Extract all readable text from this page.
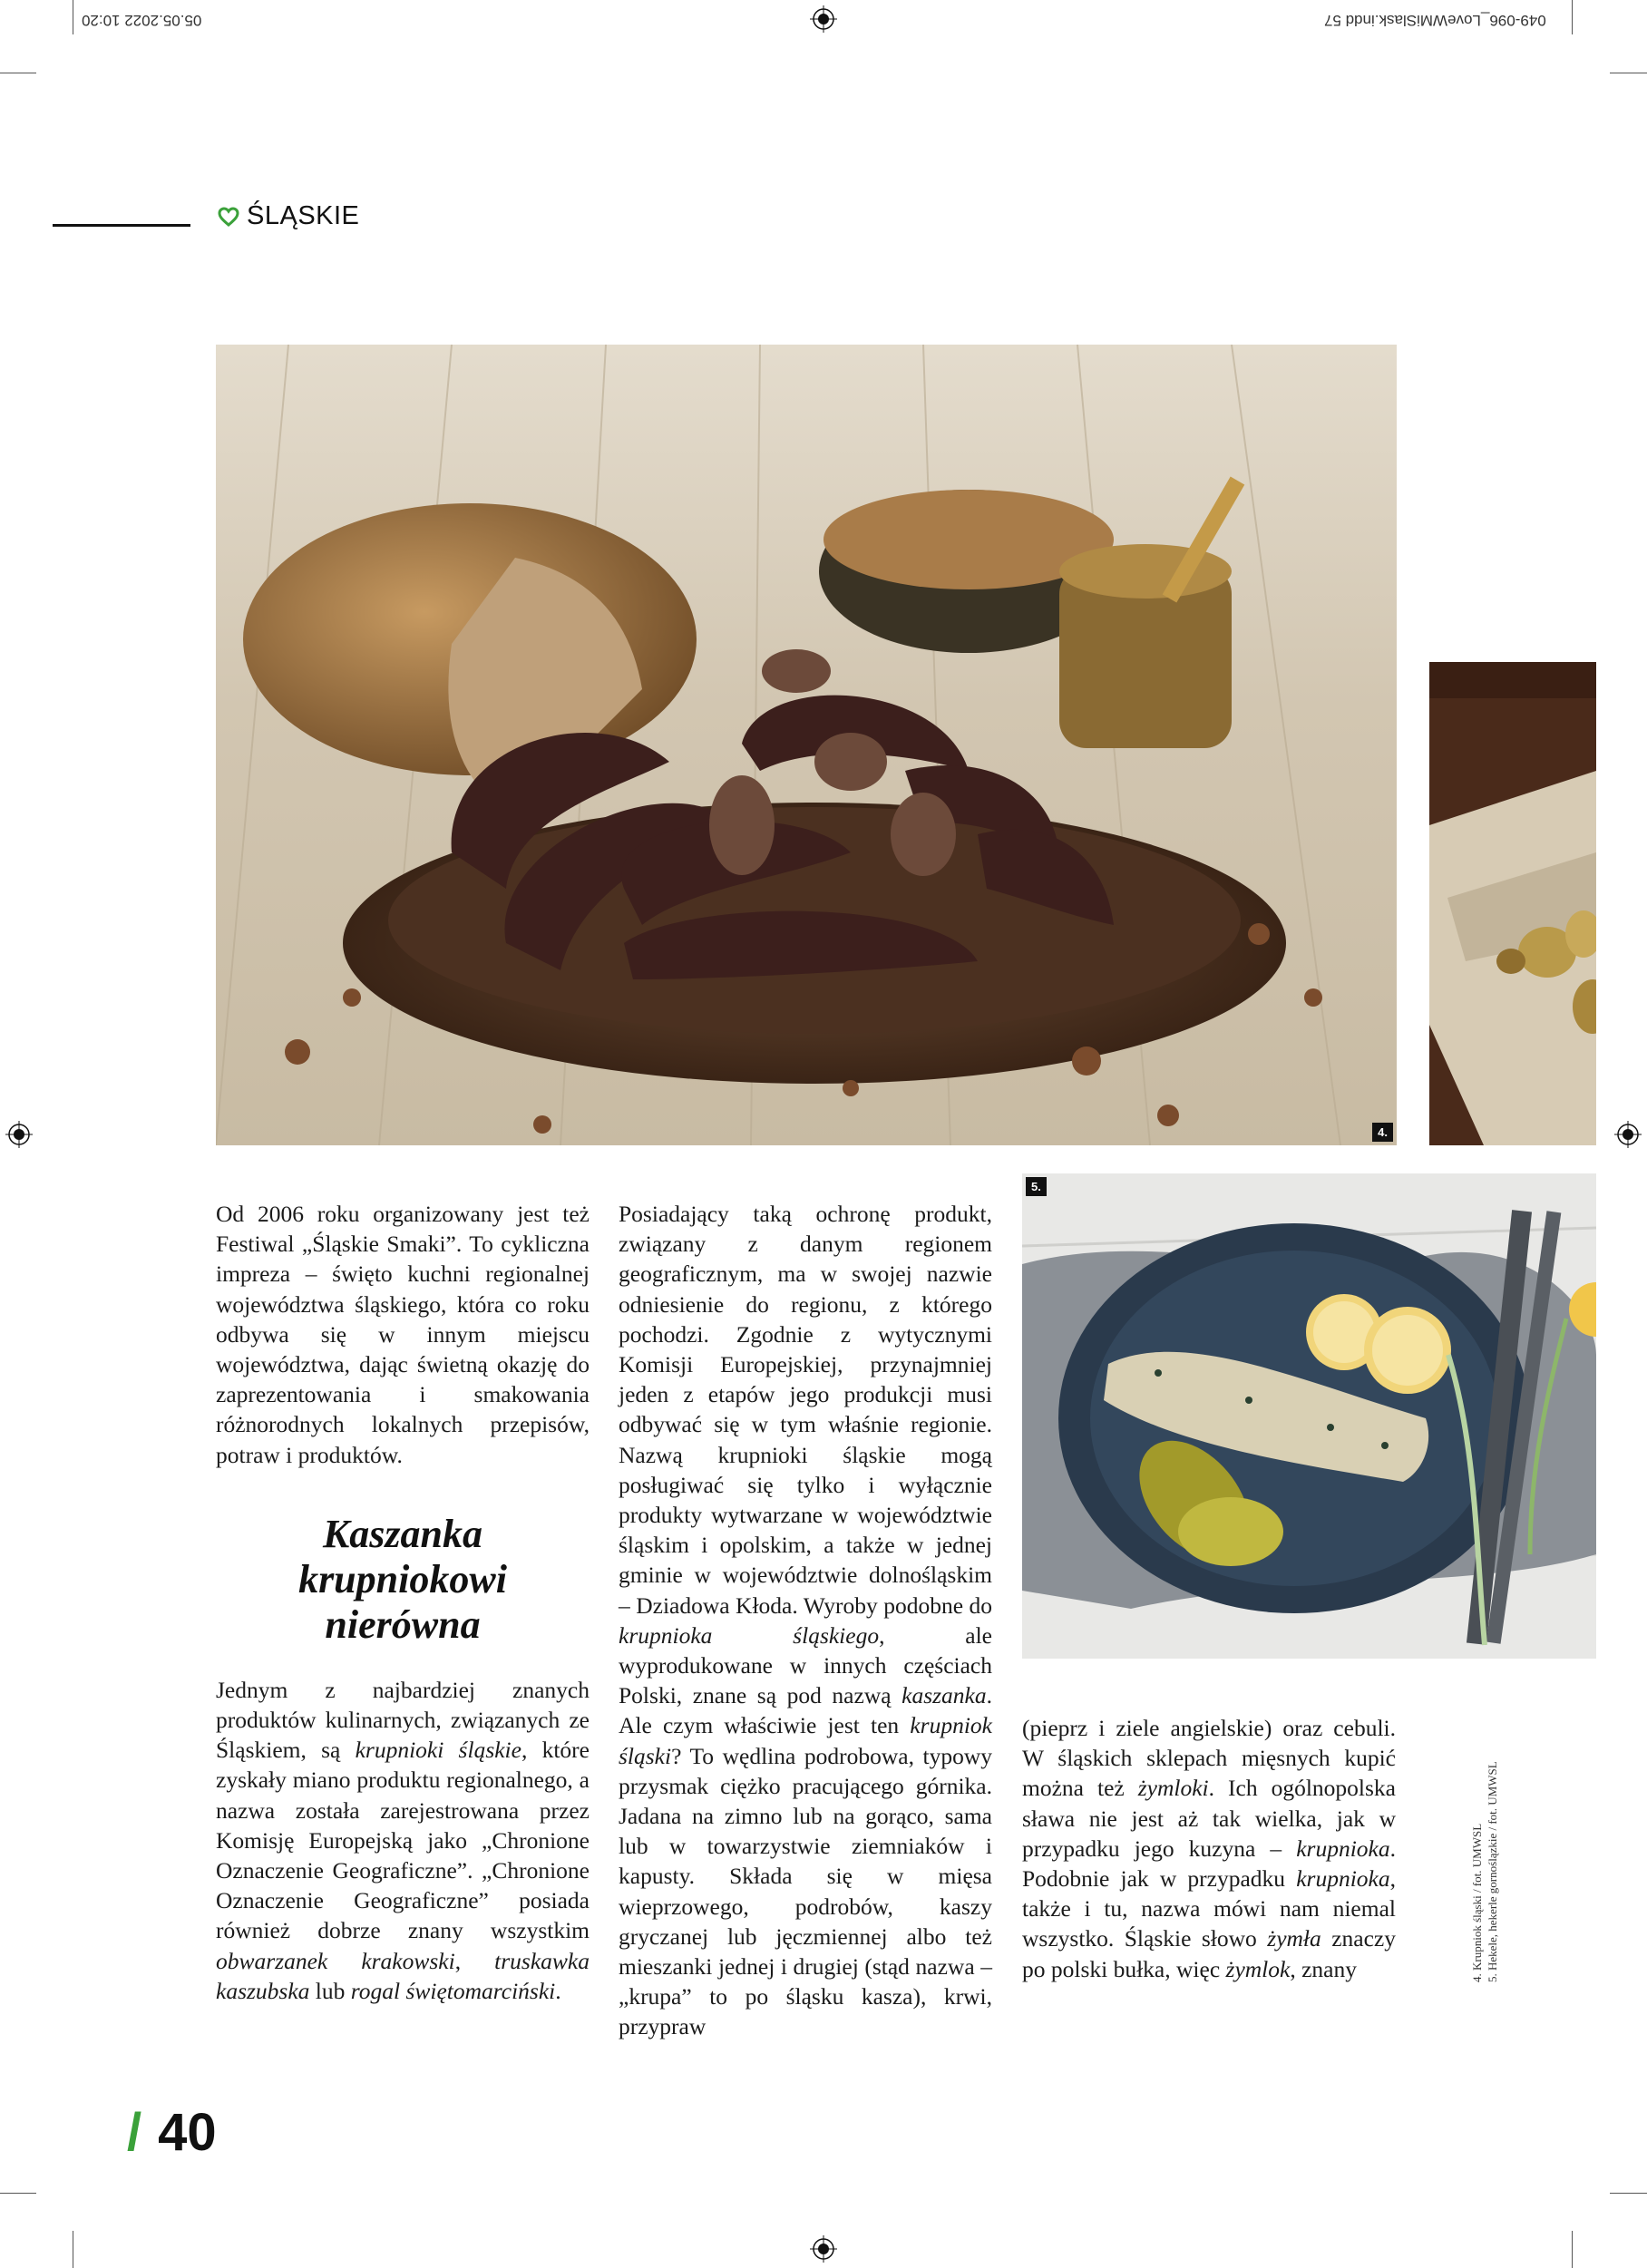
05.05.2022 10:20	049-096_LoveWMiSlask.indd 57
ŚLĄSKIE
4.
5.

Od 2006 roku organizowany jest też Festiwal „Śląskie Smaki”. To cykliczna impreza – święto kuchni regionalnej województwa śląskiego, która co roku odbywa się w innym miejscu województwa, dając świetną okazję do zaprezentowania i smakowania różnorodnych lokalnych przepisów, potraw i produktów.

Kaszanka krupniokowi nierówna

Jednym z najbardziej znanych produktów kulinarnych, związanych ze Śląskiem, są krupnioki śląskie, które zyskały miano produktu regionalnego, a nazwa została zarejestrowana przez Komisję Europejską jako „Chronione Oznaczenie Geograficzne”. „Chronione Oznaczenie Geograficzne” posiada również dobrze znany wszystkim obwarzanek krakowski, truskawka kaszubska lub rogal świętomarciński.

Posiadający taką ochronę produkt, związany z danym regionem geograficznym, ma w swojej nazwie odniesienie do regionu, z którego pochodzi. Zgodnie z wytycznymi Komisji Europejskiej, przynajmniej jeden z etapów jego produkcji musi odbywać się w tym właśnie regionie. Nazwą krupnioki śląskie mogą posługiwać się tylko i wyłącznie produkty wytwarzane w województwie śląskim i opolskim, a także w jednej gminie w województwie dolnośląskim – Dziadowa Kłoda. Wyroby podobne do krupnioka śląskiego, ale wyprodukowane w innych częściach Polski, znane są pod nazwą kaszanka. Ale czym właściwie jest ten krupniok śląski? To wędlina podrobowa, typowy przysmak ciężko pracującego górnika. Jadana na zimno lub na gorąco, sama lub w towarzystwie ziemniaków i kapusty. Składa się w mięsa wieprzowego, podrobów, kaszy gryczanej lub jęczmiennej albo też mieszanki jednej i drugiej (stąd nazwa – „krupa” to po śląsku kasza), krwi, przypraw

(pieprz i ziele angielskie) oraz cebuli. W śląskich sklepach mięsnych kupić można też żymloki. Ich ogólnopolska sława nie jest aż tak wielka, jak w przypadku jego kuzyna – krupnioka. Podobnie jak w przypadku krupnioka, także i tu, nazwa mówi nam niemal wszystko. Śląskie słowo żymła znaczy po polski bułka, więc żymlok, znany	4. Krupniok śląski / fot. UMWSL 5. Hekele, hekerle gornoślązkie / fot. UMWSL
/ 40
